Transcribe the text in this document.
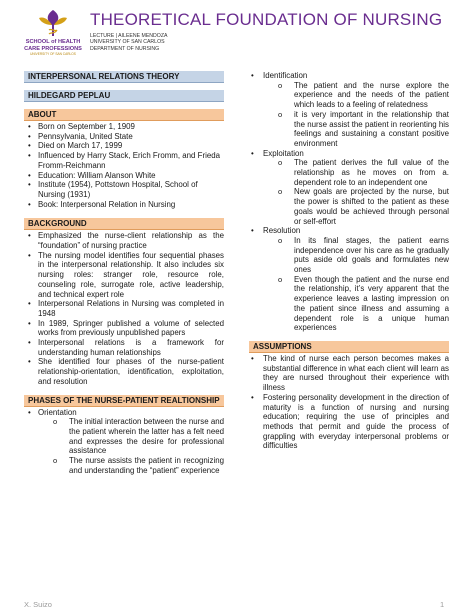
SCHOOL of HEALTH
CARE PROFESSIONS
UNIVERSITY OF SAN CARLOS
THEORETICAL FOUNDATION OF NURSING
LECTURE | AILEENE MENDOZA
UNIVERSITY OF SAN CARLOS
DEPARTMENT OF NURSING
INTERPERSONAL RELATIONS THEORY
HILDEGARD PEPLAU
ABOUT
• Born on September 1, 1909
• Pennsylvania, United State
• Died on March 17, 1999
• Influenced by Harry Stack, Erich Fromm, and Frieda Fromm-Reichmann
• Education: William Alanson White
• Institute (1954), Pottstown Hospital, School of Nursing (1931)
• Book: Interpersonal Relation in Nursing
BACKGROUND
• Emphasized the nurse-client relationship as the “foundation” of nursing practice
• The nursing model identifies four sequential phases in the interpersonal relationship. It also includes six nursing roles: stranger role, resource role, counseling role, surrogate role, active leadership, and technical expert role
• Interpersonal Relations in Nursing was completed in 1948
• In 1989, Springer published a volume of selected works from previously unpublished papers
• Interpersonal relations is a framework for understanding human relationships
• She identified four phases of the nurse-patient relationship-orientation, identification, exploitation, and resolution
PHASES OF THE NURSE-PATIENT REALTIONSHIP
• Orientation
o The initial interaction between the nurse and the patient wherein the latter has a felt need and expresses the desire for professional assistance
o The nurse assists the patient in recognizing and understanding the “patient” experience
• Identification
o The patient and the nurse explore the experience and the needs of the patient which leads to a feeling of relatedness
o it is very important in the relationship that the nurse assist the patient in reorienting his feelings and sustaining a constant positive environment
• Exploitation
o The patient derives the full value of the relationship as he moves on from a. dependent role to an independent one
o New goals are projected by the nurse, but the power is shifted to the patient as these goals would be achieved through personal or self-effort
• Resolution
o In its final stages, the patient earns independence over his care as he gradually puts aside old goals and formulates new ones
o Even though the patient and the nurse end the relationship, it’s very apparent that the experience leaves a lasting impression on the patient since illness and assuming a dependent role is a unique human experiences
ASSUMPTIONS
• The kind of nurse each person becomes makes a substantial difference in what each client will learn as they are nursed throughout their experience with illness
• Fostering personality development in the direction of maturity is a function of nursing and nursing education; requiring the use of principles and methods that permit and guide the process of grappling with everyday interpersonal problems or difficulties
X. Suizo	1
